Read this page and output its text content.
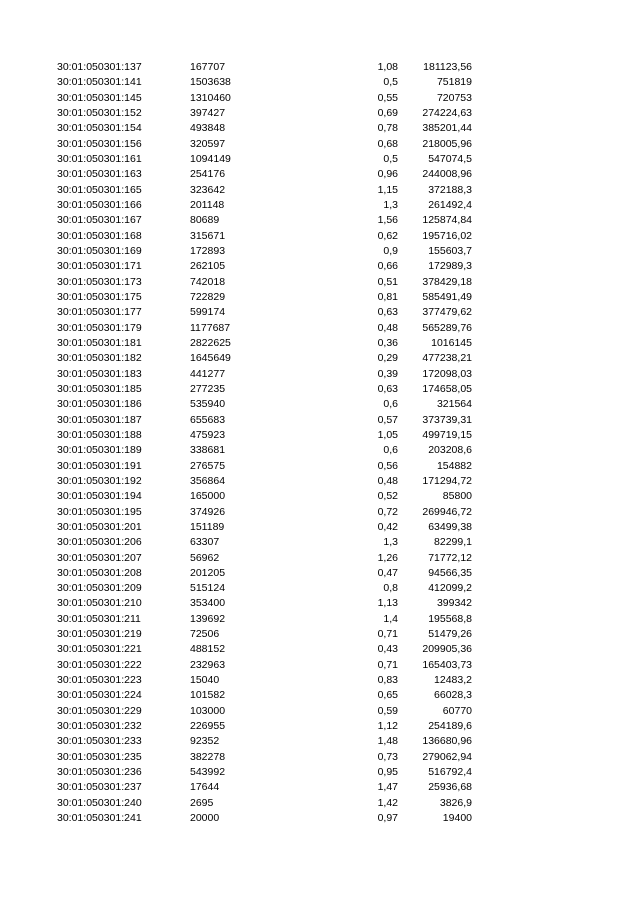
30:01:050301:137	167707	1,08 181123,56
30:01:050301:141	1503638	0,5	751819
30:01:050301:145	1310460	0,55	720753
30:01:050301:152	397427	0,69 274224,63
30:01:050301:154	493848	0,78 385201,44
30:01:050301:156	320597	0,68 218005,96
30:01:050301:161	1094149	0,5	547074,5
30:01:050301:163	254176	0,96 244008,96
30:01:050301:165	323642	1,15	372188,3
30:01:050301:166	201148	1,3	261492,4
30:01:050301:167	80689	1,56 125874,84
30:01:050301:168	315671	0,62 195716,02
30:01:050301:169	172893	0,9	155603,7
30:01:050301:171	262105	0,66	172989,3
30:01:050301:173	742018	0,51 378429,18
30:01:050301:175	722829	0,81 585491,49
30:01:050301:177	599174	0,63 377479,62
30:01:050301:179	1177687	0,48 565289,76
30:01:050301:181	2822625	0,36	1016145
30:01:050301:182	1645649	0,29 477238,21
30:01:050301:183	441277	0,39 172098,03
30:01:050301:185	277235	0,63 174658,05
30:01:050301:186	535940	0,6	321564
30:01:050301:187	655683	0,57 373739,31
30:01:050301:188	475923	1,05 499719,15
30:01:050301:189	338681	0,6	203208,6
30:01:050301:191	276575	0,56	154882
30:01:050301:192	356864	0,48 171294,72
30:01:050301:194	165000	0,52	85800
30:01:050301:195	374926	0,72 269946,72
30:01:050301:201	151189	0,42	63499,38
30:01:050301:206	63307	1,3	82299,1
30:01:050301:207	56962	1,26	71772,12
30:01:050301:208	201205	0,47	94566,35
30:01:050301:209	515124	0,8	412099,2
30:01:050301:210	353400	1,13	399342
30:01:050301:211	139692	1,4	195568,8
30:01:050301:219	72506	0,71	51479,26
30:01:050301:221	488152	0,43 209905,36
30:01:050301:222	232963	0,71 165403,73
30:01:050301:223	15040	0,83	12483,2
30:01:050301:224	101582	0,65	66028,3
30:01:050301:229	103000	0,59	60770
30:01:050301:232	226955	1,12	254189,6
30:01:050301:233	92352	1,48 136680,96
30:01:050301:235	382278	0,73 279062,94
30:01:050301:236	543992	0,95	516792,4
30:01:050301:237	17644	1,47	25936,68
30:01:050301:240	2695	1,42	3826,9
30:01:050301:241	20000	0,97	19400
